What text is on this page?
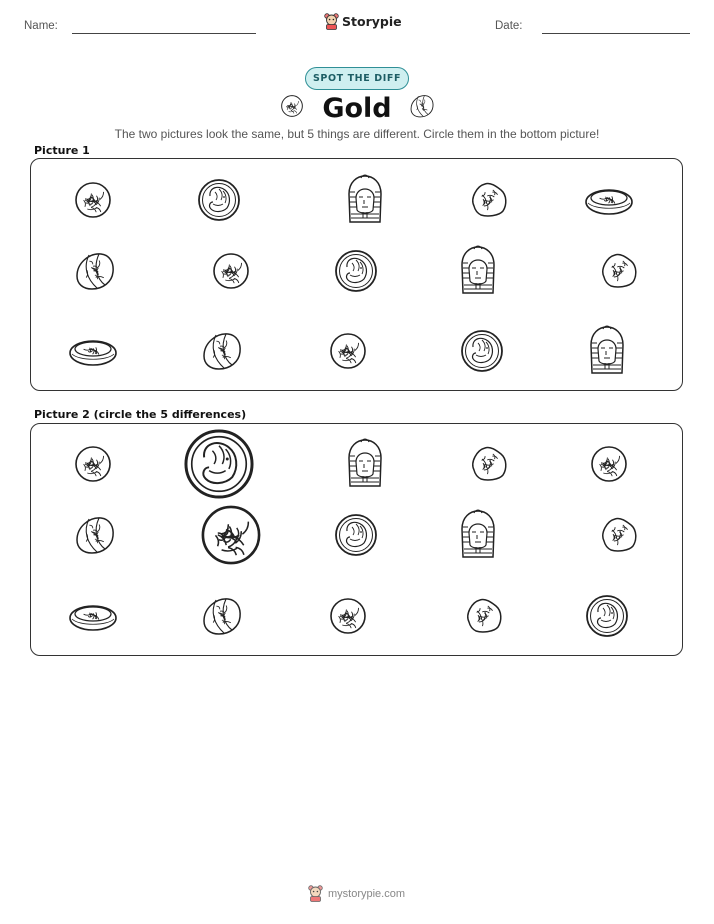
Name:	Storypie	Date:
SPOT THE DIFF
Gold
The two pictures look the same, but 5 things are different. Circle them in the bottom picture!
Picture 1
Picture 2 (circle the 5 differences)
mystorypie.com
